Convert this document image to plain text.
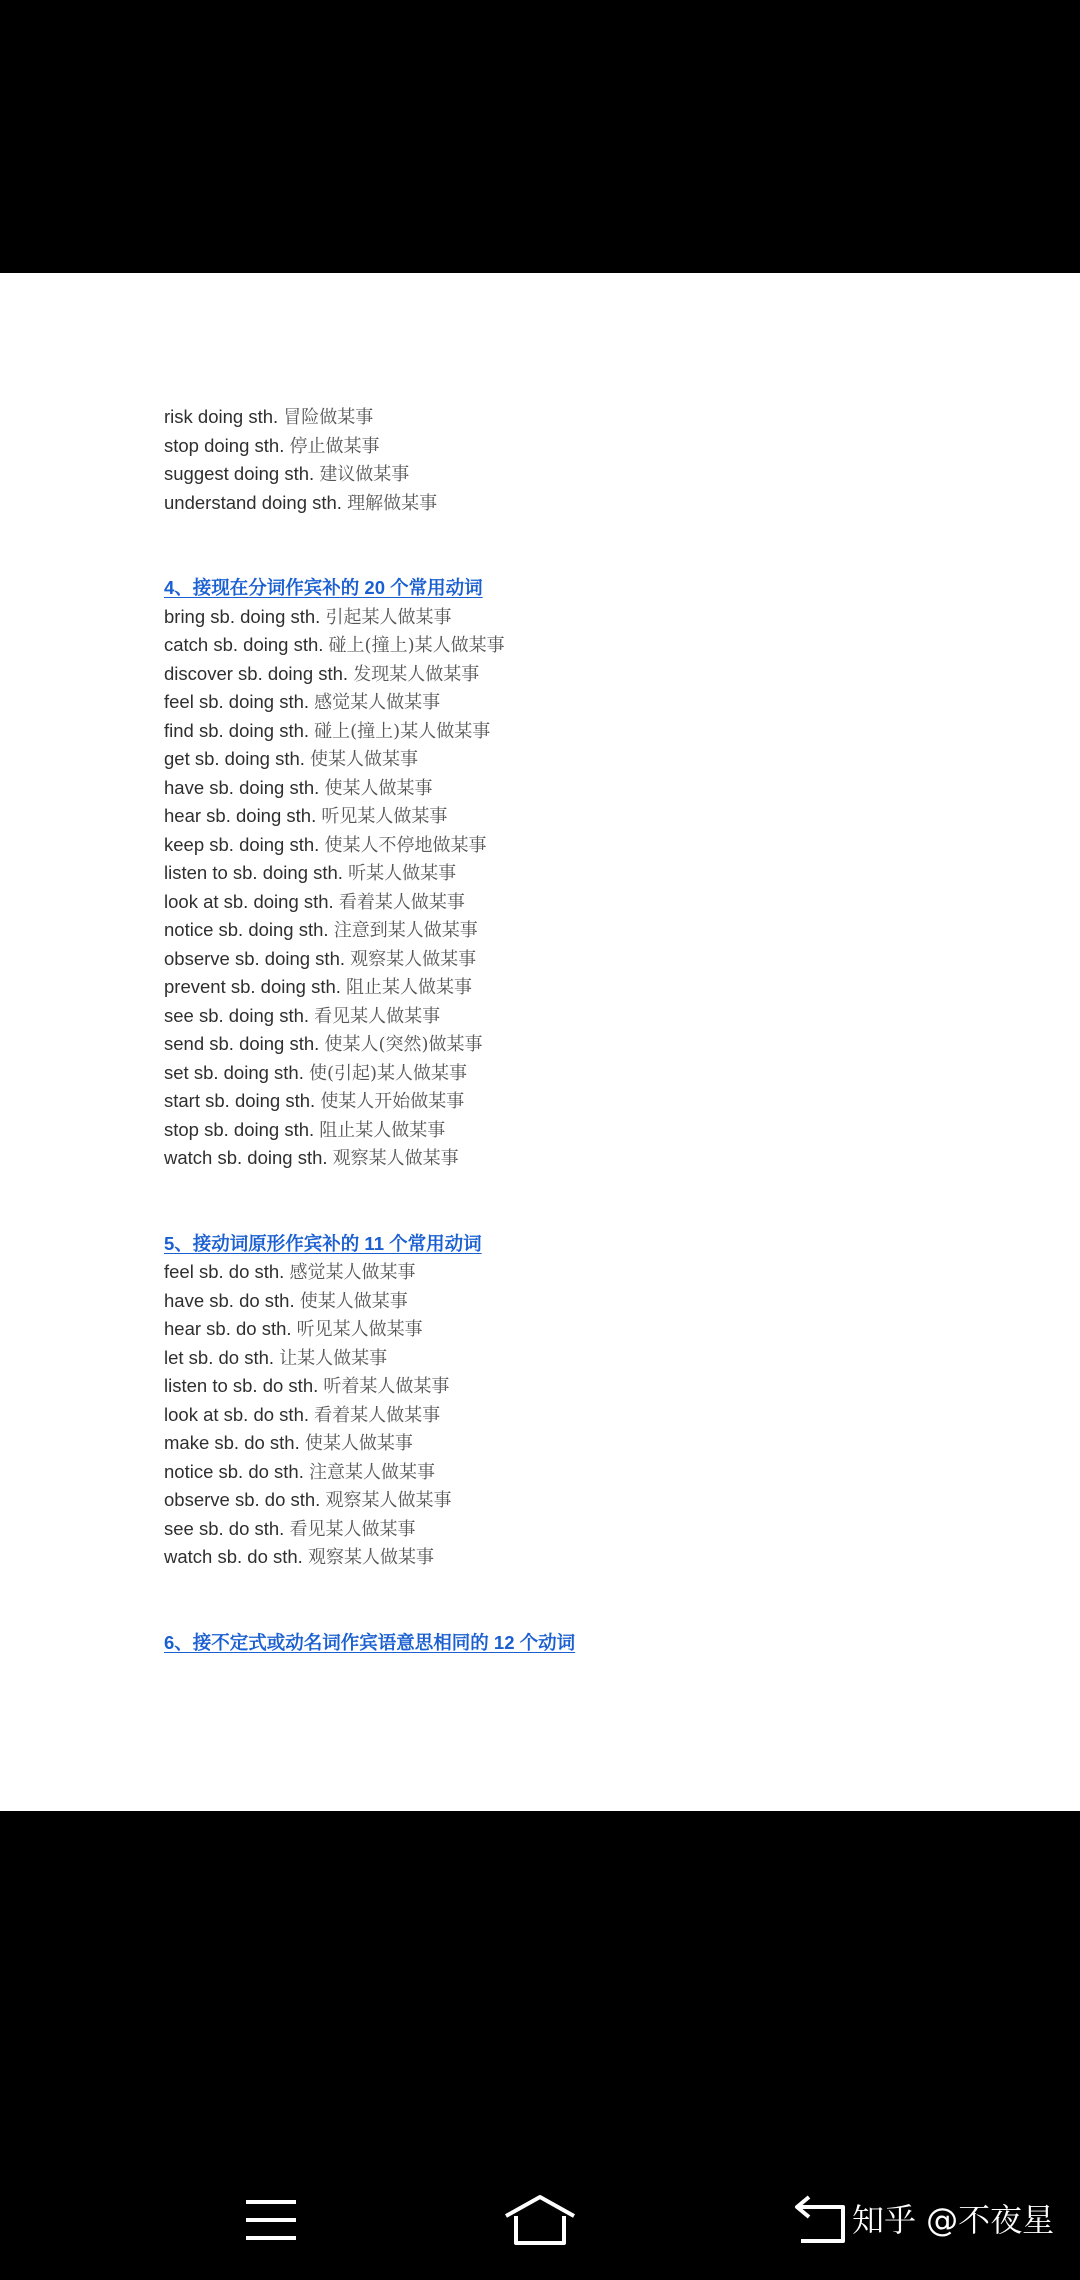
risk doing sth. 冒险做某事
stop doing sth. 停止做某事
suggest doing sth. 建议做某事
understand doing sth. 理解做某事
4、接现在分词作宾补的 20 个常用动词
bring sb. doing sth. 引起某人做某事
catch sb. doing sth. 碰上(撞上)某人做某事
discover sb. doing sth. 发现某人做某事
feel sb. doing sth. 感觉某人做某事
find sb. doing sth. 碰上(撞上)某人做某事
get sb. doing sth. 使某人做某事
have sb. doing sth. 使某人做某事
hear sb. doing sth. 听见某人做某事
keep sb. doing sth. 使某人不停地做某事
listen to sb. doing sth. 听某人做某事
look at sb. doing sth. 看着某人做某事
notice sb. doing sth. 注意到某人做某事
observe sb. doing sth. 观察某人做某事
prevent sb. doing sth. 阻止某人做某事
see sb. doing sth. 看见某人做某事
send sb. doing sth. 使某人(突然)做某事
set sb. doing sth. 使(引起)某人做某事
start sb. doing sth. 使某人开始做某事
stop sb. doing sth. 阻止某人做某事
watch sb. doing sth. 观察某人做某事
5、接动词原形作宾补的 11 个常用动词
feel sb. do sth. 感觉某人做某事
have sb. do sth. 使某人做某事
hear sb. do sth. 听见某人做某事
let sb. do sth. 让某人做某事
listen to sb. do sth. 听着某人做某事
look at sb. do sth. 看着某人做某事
make sb. do sth. 使某人做某事
notice sb. do sth. 注意某人做某事
observe sb. do sth. 观察某人做某事
see sb. do sth. 看见某人做某事
watch sb. do sth. 观察某人做某事
6、接不定式或动名词作宾语意思相同的 12 个动词
知乎 @不夜星
